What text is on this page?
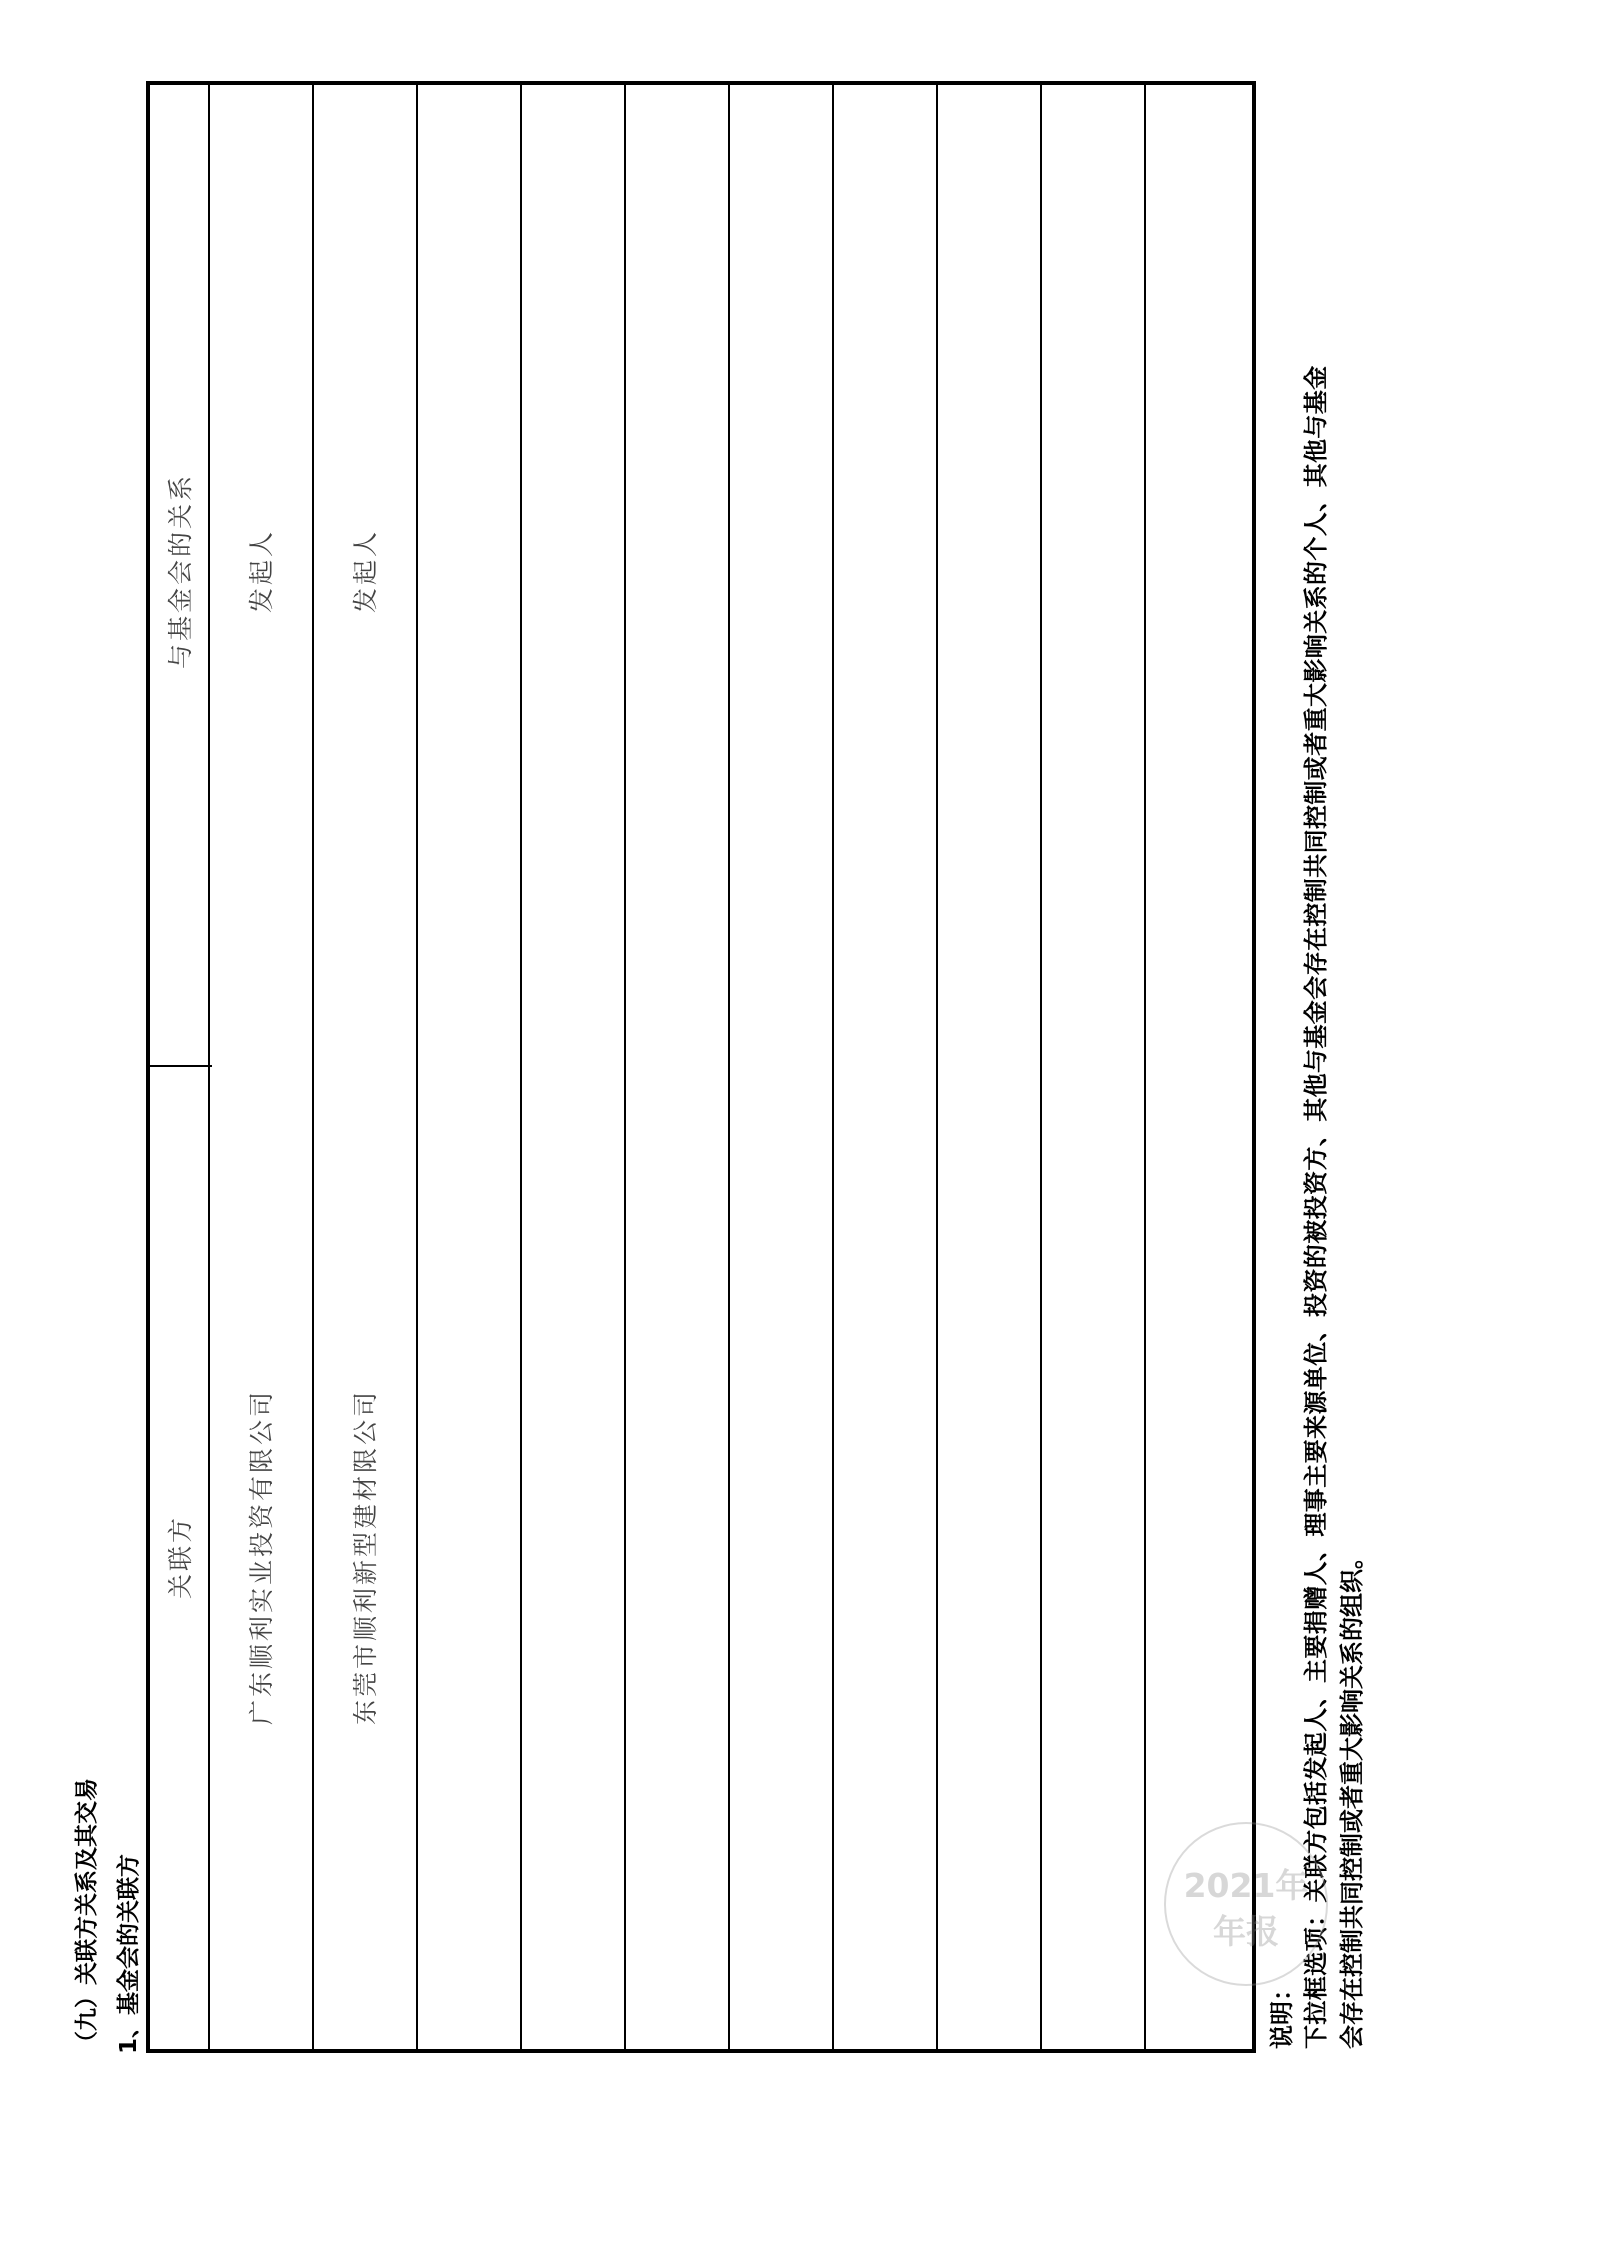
（九）关联方关系及其交易 1、基金会的关联方
关联方
与基金会的关系
广东顺利实业投资有限公司
发起人
东莞市顺利新型建材限公司
发起人
说明： 下拉框选项：关联方包括发起人、主要捐赠人、理事主要来源单位、投资的被投资方、其他与基金会存在控制共同控制或者重大影响关系的个人、其他与基金 会存在控制共同控制或者重大影响关系的组织。
2021年
年报
